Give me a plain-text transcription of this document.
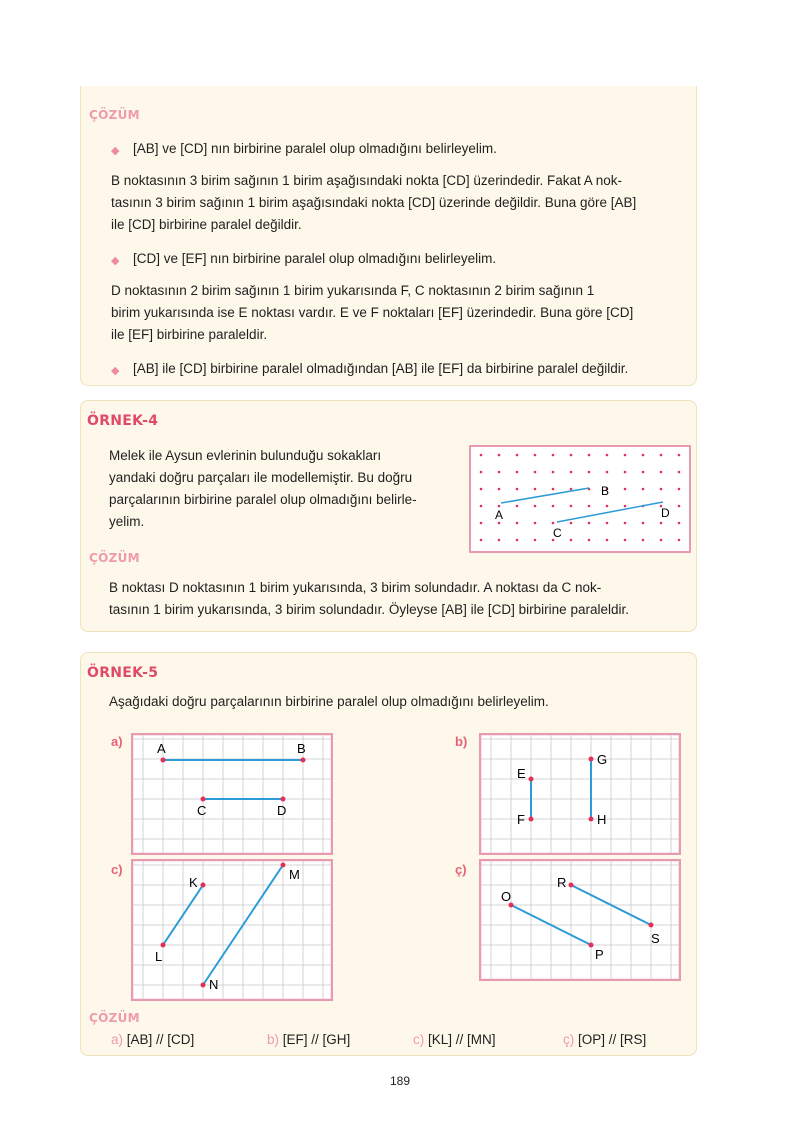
ÇÖZÜM
◆ [AB] ve [CD] nın birbirine paralel olup olmadığını belirleyelim.
B noktasının 3 birim sağının 1 birim aşağısındaki nokta [CD] üzerindedir. Fakat A nok-
tasının 3 birim sağının 1 birim aşağısındaki nokta [CD] üzerinde değildir. Buna göre [AB]
ile [CD] birbirine paralel değildir.
◆ [CD] ve [EF] nın birbirine paralel olup olmadığını belirleyelim.
D noktasının 2 birim sağının 1 birim yukarısında F, C noktasının 2 birim sağının 1
birim yukarısında ise E noktası vardır. E ve F noktaları [EF] üzerindedir. Buna göre [CD]
ile [EF] birbirine paraleldir.
◆ [AB] ile [CD] birbirine paralel olmadığından [AB] ile [EF] da birbirine paralel değildir.
ÖRNEK-4
Melek ile Aysun evlerinin bulunduğu sokakları
yandaki doğru parçaları ile modellemiştir. Bu doğru
parçalarının birbirine paralel olup olmadığını belirle-
yelim.	A
B
C
D
ÇÖZÜM
B noktası D noktasının 1 birim yukarısında, 3 birim solundadır. A noktası da C nok-
tasının 1 birim yukarısında, 3 birim solundadır. Öyleyse [AB] ile [CD] birbirine paraleldir.
ÖRNEK-5
Aşağıdaki doğru parçalarının birbirine paralel olup olmadığını belirleyelim.
a)	A	B
C	D
b)
E
F
G
H
c)
K
L
M
N
ç)
O
P
R
S
ÇÖZÜM
a) [AB] // [CD]	b) [EF] // [GH]	c) [KL] // [MN]	ç) [OP] // [RS]
189
